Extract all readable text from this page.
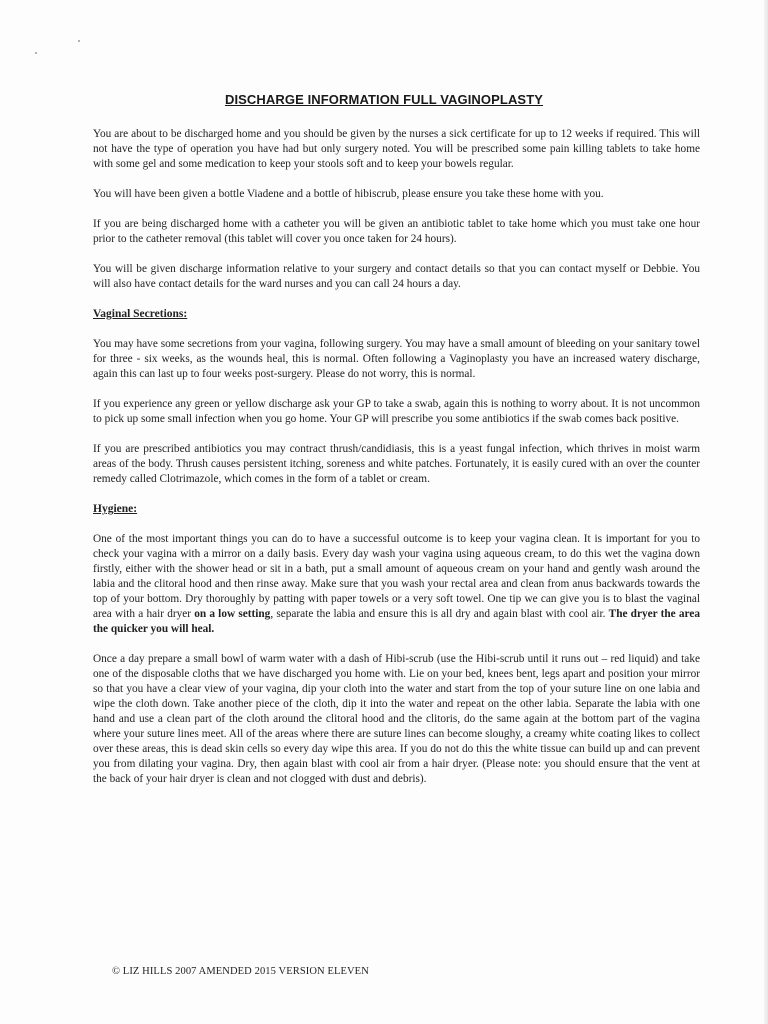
DISCHARGE INFORMATION FULL VAGINOPLASTY

You are about to be discharged home and you should be given by the nurses a sick certificate for up to 12 weeks if required. This will not have the type of operation you have had but only surgery noted. You will be prescribed some pain killing tablets to take home with some gel and some medication to keep your stools soft and to keep your bowels regular.

You will have been given a bottle Viadene and a bottle of hibiscrub, please ensure you take these home with you.

If you are being discharged home with a catheter you will be given an antibiotic tablet to take home which you must take one hour prior to the catheter removal (this tablet will cover you once taken for 24 hours).

You will be given discharge information relative to your surgery and contact details so that you can contact myself or Debbie. You will also have contact details for the ward nurses and you can call 24 hours a day.

Vaginal Secretions:

You may have some secretions from your vagina, following surgery. You may have a small amount of bleeding on your sanitary towel for three - six weeks, as the wounds heal, this is normal. Often following a Vaginoplasty you have an increased watery discharge, again this can last up to four weeks post-surgery. Please do not worry, this is normal.

If you experience any green or yellow discharge ask your GP to take a swab, again this is nothing to worry about. It is not uncommon to pick up some small infection when you go home. Your GP will prescribe you some antibiotics if the swab comes back positive.

If you are prescribed antibiotics you may contract thrush/candidiasis, this is a yeast fungal infection, which thrives in moist warm areas of the body. Thrush causes persistent itching, soreness and white patches. Fortunately, it is easily cured with an over the counter remedy called Clotrimazole, which comes in the form of a tablet or cream.

Hygiene:

One of the most important things you can do to have a successful outcome is to keep your vagina clean. It is important for you to check your vagina with a mirror on a daily basis. Every day wash your vagina using aqueous cream, to do this wet the vagina down firstly, either with the shower head or sit in a bath, put a small amount of aqueous cream on your hand and gently wash around the labia and the clitoral hood and then rinse away. Make sure that you wash your rectal area and clean from anus backwards towards the top of your bottom. Dry thoroughly by patting with paper towels or a very soft towel. One tip we can give you is to blast the vaginal area with a hair dryer on a low setting, separate the labia and ensure this is all dry and again blast with cool air. The dryer the area the quicker you will heal.

Once a day prepare a small bowl of warm water with a dash of Hibi-scrub (use the Hibi-scrub until it runs out – red liquid) and take one of the disposable cloths that we have discharged you home with. Lie on your bed, knees bent, legs apart and position your mirror so that you have a clear view of your vagina, dip your cloth into the water and start from the top of your suture line on one labia and wipe the cloth down. Take another piece of the cloth, dip it into the water and repeat on the other labia. Separate the labia with one hand and use a clean part of the cloth around the clitoral hood and the clitoris, do the same again at the bottom part of the vagina where your suture lines meet. All of the areas where there are suture lines can become sloughy, a creamy white coating likes to collect over these areas, this is dead skin cells so every day wipe this area. If you do not do this the white tissue can build up and can prevent you from dilating your vagina. Dry, then again blast with cool air from a hair dryer. (Please note: you should ensure that the vent at the back of your hair dryer is clean and not clogged with dust and debris).

© LIZ HILLS 2007 AMENDED 2015 VERSION ELEVEN
